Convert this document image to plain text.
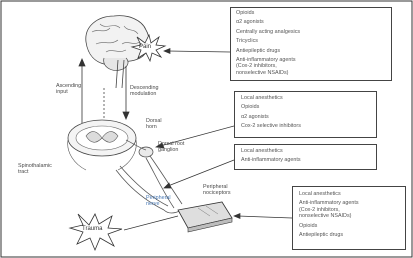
Pain
Trauma
Ascending
input
Descending
modulation
Dorsal
horn
Dorsal root
ganglion
Spinothalamic
tract
Peripheral
nerve
Peripheral
nociceptors
Opioids
α2 agonists
Centrally acting analgesics
Tricyclics
Antiepileptic drugs
Anti-inflammatory agents
(Cox-2 inhibitors,
nonselective NSAIDs)
Local anesthetics
Opioids
α2 agonists
Cox-2 selective inhibitors
Local anesthetics
Anti-inflammatory agents
Local anesthetics
Anti-inflammatory agents
(Cox-2 inhibitors,
nonselective NSAIDs)
Opioids
Antiepileptic drugs
